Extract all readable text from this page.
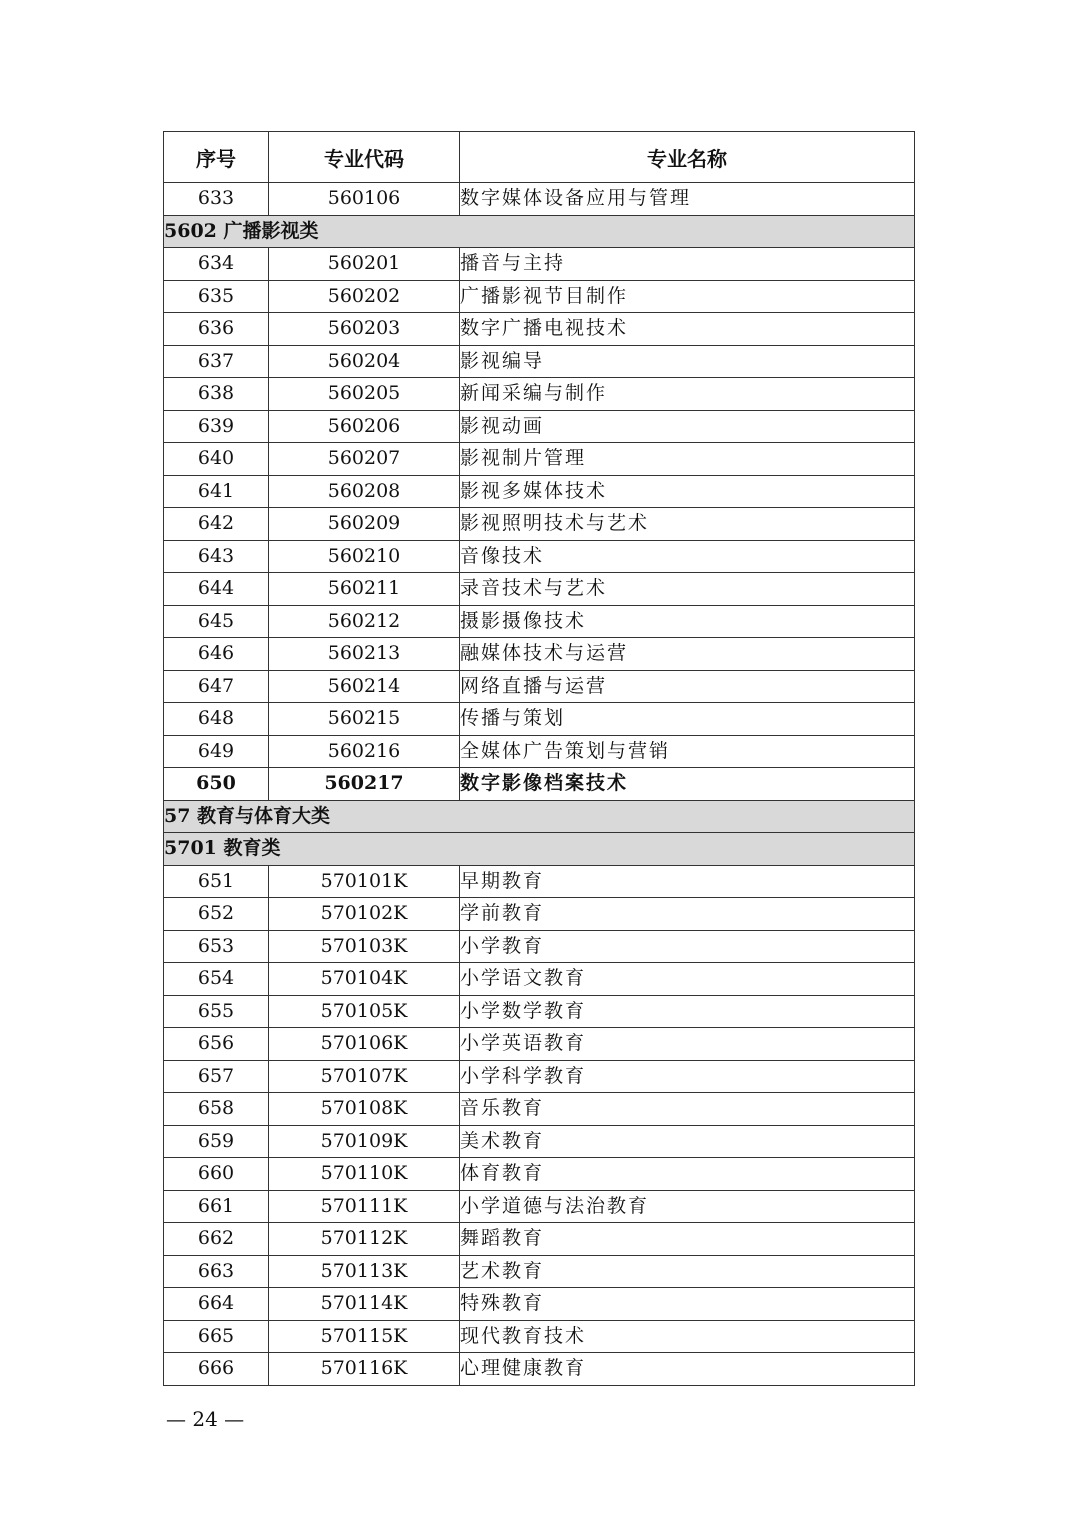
序号	专业代码	专业名称
633	560106	数字媒体设备应用与管理
5602 广播影视类		
634	560201	播音与主持
635	560202	广播影视节目制作
636	560203	数字广播电视技术
637	560204	影视编导
638	560205	新闻采编与制作
639	560206	影视动画
640	560207	影视制片管理
641	560208	影视多媒体技术
642	560209	影视照明技术与艺术
643	560210	音像技术
644	560211	录音技术与艺术
645	560212	摄影摄像技术
646	560213	融媒体技术与运营
647	560214	网络直播与运营
648	560215	传播与策划
649	560216	全媒体广告策划与营销
650	560217	数字影像档案技术
57 教育与体育大类		
5701 教育类		
651	570101K	早期教育
652	570102K	学前教育
653	570103K	小学教育
654	570104K	小学语文教育
655	570105K	小学数学教育
656	570106K	小学英语教育
657	570107K	小学科学教育
658	570108K	音乐教育
659	570109K	美术教育
660	570110K	体育教育
661	570111K	小学道德与法治教育
662	570112K	舞蹈教育
663	570113K	艺术教育
664	570114K	特殊教育
665	570115K	现代教育技术
666	570116K	心理健康教育
— 24 —
